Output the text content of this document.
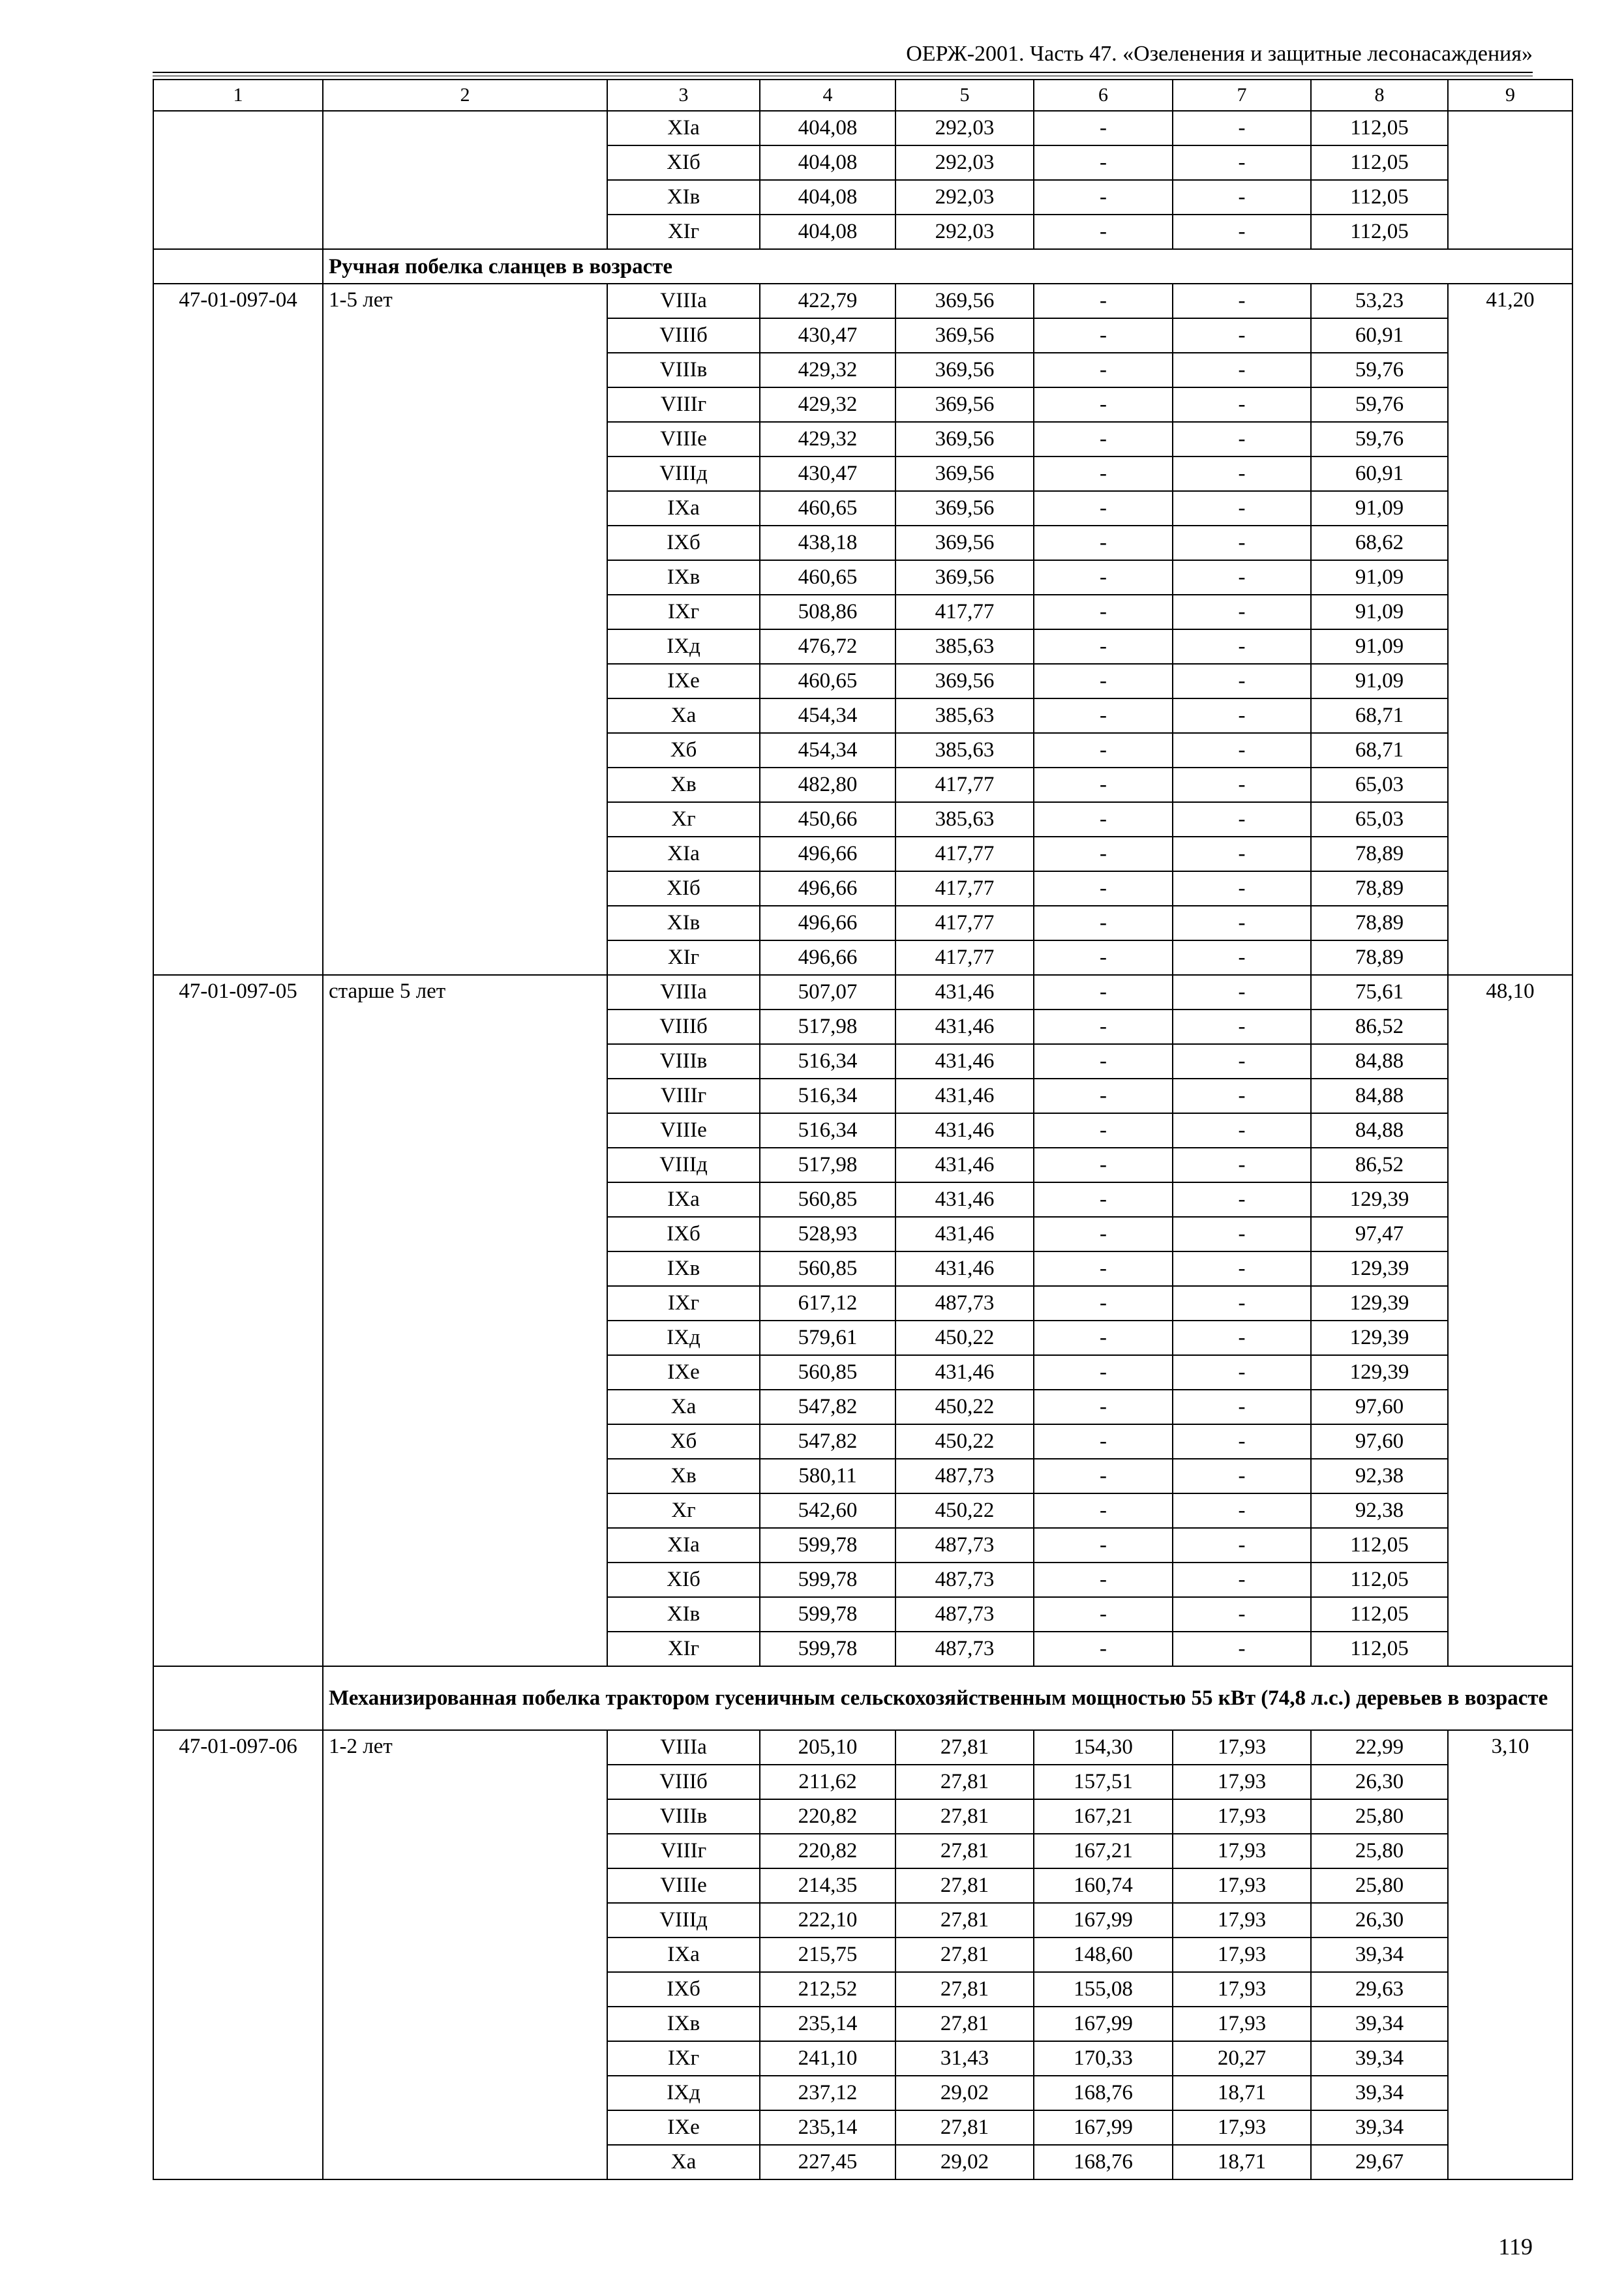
ОЕРЖ-2001. Часть 47. «Озеленения и защитные лесонасаждения»
1	2	3	4	5	6	7	8	9
		XIа	404,08	292,03	-	-	112,05	
		XIб	404,08	292,03	-	-	112,05	
		XIв	404,08	292,03	-	-	112,05	
		XIг	404,08	292,03	-	-	112,05	
	Ручная побелка сланцев в возрасте							
47-01-097-04	1-5 лет	VIIIа	422,79	369,56	-	-	53,23	41,20
		VIIIб	430,47	369,56	-	-	60,91	
		VIIIв	429,32	369,56	-	-	59,76	
		VIIIг	429,32	369,56	-	-	59,76	
		VIIIе	429,32	369,56	-	-	59,76	
		VIIIд	430,47	369,56	-	-	60,91	
		IXа	460,65	369,56	-	-	91,09	
		IXб	438,18	369,56	-	-	68,62	
		IXв	460,65	369,56	-	-	91,09	
		IXг	508,86	417,77	-	-	91,09	
		IXд	476,72	385,63	-	-	91,09	
		IXе	460,65	369,56	-	-	91,09	
		Xа	454,34	385,63	-	-	68,71	
		Xб	454,34	385,63	-	-	68,71	
		Xв	482,80	417,77	-	-	65,03	
		Xг	450,66	385,63	-	-	65,03	
		XIа	496,66	417,77	-	-	78,89	
		XIб	496,66	417,77	-	-	78,89	
		XIв	496,66	417,77	-	-	78,89	
		XIг	496,66	417,77	-	-	78,89	
47-01-097-05	старше 5 лет	VIIIа	507,07	431,46	-	-	75,61	48,10
		VIIIб	517,98	431,46	-	-	86,52	
		VIIIв	516,34	431,46	-	-	84,88	
		VIIIг	516,34	431,46	-	-	84,88	
		VIIIе	516,34	431,46	-	-	84,88	
		VIIIд	517,98	431,46	-	-	86,52	
		IXа	560,85	431,46	-	-	129,39	
		IXб	528,93	431,46	-	-	97,47	
		IXв	560,85	431,46	-	-	129,39	
		IXг	617,12	487,73	-	-	129,39	
		IXд	579,61	450,22	-	-	129,39	
		IXе	560,85	431,46	-	-	129,39	
		Xа	547,82	450,22	-	-	97,60	
		Xб	547,82	450,22	-	-	97,60	
		Xв	580,11	487,73	-	-	92,38	
		Xг	542,60	450,22	-	-	92,38	
		XIа	599,78	487,73	-	-	112,05	
		XIб	599,78	487,73	-	-	112,05	
		XIв	599,78	487,73	-	-	112,05	
		XIг	599,78	487,73	-	-	112,05	
	Механизированная побелка трактором гусеничным сельскохозяйственным мощностью 55 кВт (74,8 л.с.) деревьев в возрасте							
47-01-097-06	1-2 лет	VIIIа	205,10	27,81	154,30	17,93	22,99	3,10
		VIIIб	211,62	27,81	157,51	17,93	26,30	
		VIIIв	220,82	27,81	167,21	17,93	25,80	
		VIIIг	220,82	27,81	167,21	17,93	25,80	
		VIIIе	214,35	27,81	160,74	17,93	25,80	
		VIIIд	222,10	27,81	167,99	17,93	26,30	
		IXа	215,75	27,81	148,60	17,93	39,34	
		IXб	212,52	27,81	155,08	17,93	29,63	
		IXв	235,14	27,81	167,99	17,93	39,34	
		IXг	241,10	31,43	170,33	20,27	39,34	
		IXд	237,12	29,02	168,76	18,71	39,34	
		IXе	235,14	27,81	167,99	17,93	39,34	
		Xа	227,45	29,02	168,76	18,71	29,67	
119
